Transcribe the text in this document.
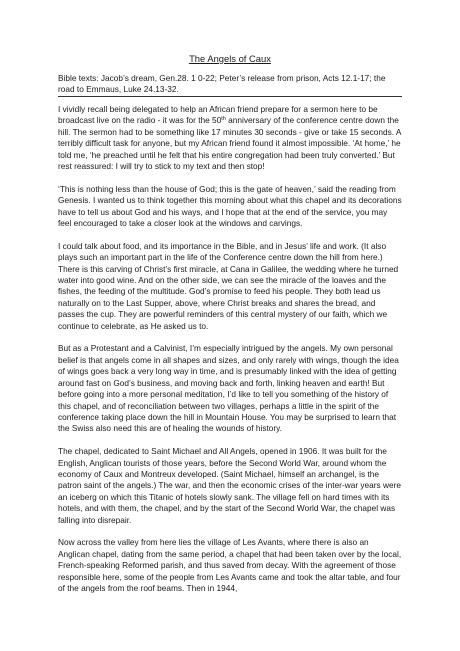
The Angels of Caux

Bible texts: Jacob’s dream, Gen.28. 1 0-22; Peter’s release from prison, Acts 12.1-17; the road to Emmaus, Luke 24.13-32.

I vividly recall being delegated to help an African friend prepare for a sermon here to be broadcast live on the radio - it was for the 50th anniversary of the conference centre down the hill. The sermon had to be something like 17 minutes 30 seconds - give or take 15 seconds. A terribly difficult task for anyone, but my African friend found it almost impossible. ‘At home,’ he told me, ‘he preached until he felt that his entire congregation had been truly converted.’ But rest reassured: I will try to stick to my text and then stop!

‘This is nothing less than the house of God; this is the gate of heaven,’ said the reading from Genesis. I wanted us to think together this morning about what this chapel and its decorations have to tell us about God and his ways, and I hope that at the end of the service, you may feel encouraged to take a closer look at the windows and carvings.

I could talk about food, and its importance in the Bible, and in Jesus’ life and work. (It also plays such an important part in the life of the Conference centre down the hill from here.) There is this carving of Christ’s first miracle, at Cana in Galilee, the wedding where he turned water into good wine. And on the other side, we can see the miracle of the loaves and the fishes, the feeding of the multitude. God’s promise to feed his people. They both lead us naturally on to the Last Supper, above, where Christ breaks and shares the bread, and passes the cup. They are powerful reminders of this central mystery of our faith, which we continue to celebrate, as He asked us to.

But as a Protestant and a Calvinist, I’m especially intrigued by the angels. My own personal belief is that angels come in all shapes and sizes, and only rarely with wings, though the idea of wings goes back a very long way in time, and is presumably linked with the idea of getting around fast on God’s business, and moving back and forth, linking heaven and earth! But before going into a more personal meditation, I’d like to tell you something of the history of this chapel, and of reconciliation between two villages, perhaps a little in the spirit of the conference taking place down the hill in Mountain House. You may be surprised to learn that the Swiss also need this are of healing the wounds of history.

The chapel, dedicated to Saint Michael and All Angels, opened in 1906. It was built for the English, Anglican tourists of those years, before the Second World War, around whom the economy of Caux and Montreux developed. (Saint Michael, himself an archangel, is the patron saint of the angels.) The war, and then the economic crises of the inter-war years were an iceberg on which this Titanic of hotels slowly sank. The village fell on hard times with its hotels, and with them, the chapel, and by the start of the Second World War, the chapel was falling into disrepair.

Now across the valley from here lies the village of Les Avants, where there is also an Anglican chapel, dating from the same period, a chapel that had been taken over by the local, French-speaking Reformed parish, and thus saved from decay. With the agreement of those responsible here, some of the people from Les Avants came and took the altar table, and four of the angels from the roof beams. Then in 1944,
